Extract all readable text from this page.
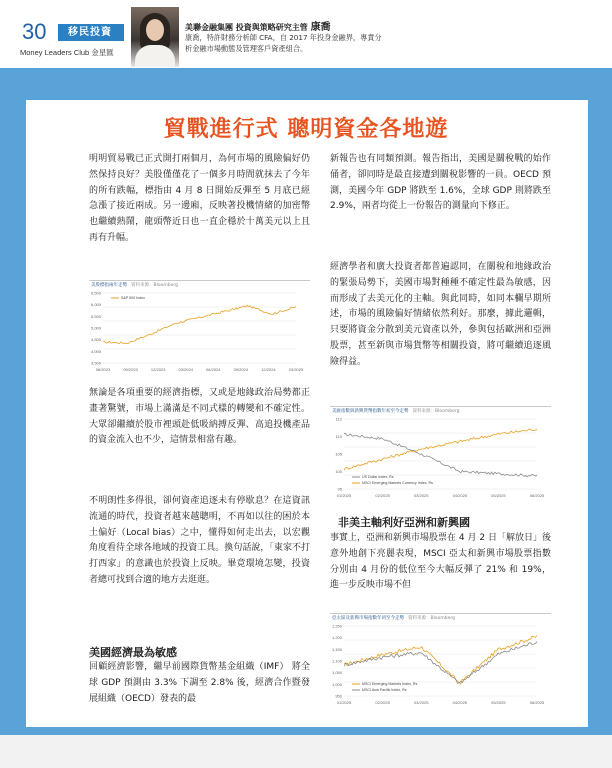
30	移民投資
Money Leaders Club 金星匯
美聯金融集團 投資與策略研究主管 康喬
康喬，特許財務分析師 CFA，自 2017 年投身金融界，專責分析金融市場動態及管理客戶資產組合。
貿戰進行式 聰明資金各地遊
明明貿易戰已正式開打兩個月，為何市場的風險偏好仍然保持良好？美股僅僅花了一個多月時間就抹去了今年的所有跌幅，標指由 4 月 8 日開始反彈至 5 月底已經急漲了接近兩成。另一邊廂，反映著投機情緒的加密幣也繼續熱鬧，龍頭幣近日也一直企穩於十萬美元以上且再有升幅。
美股標指兩年走勢 資料來源：Bloomberg
06/2023	09/2023	12/2023	03/2024	06/2024	09/2024	12/2024	03/2025
S&P 500 Index
6,500
6,000
5,500
5,000
4,500
4,000
3,500
無論是各項重要的經濟指標，又或是地緣政治局勢都正畫著驚號，市場上滿滿是不同式樣的轉變和不確定性。大眾卻繼續於股市裡頭赴低吸納搏反彈、高追投機產品的資金流入也不少，這情景相當有趣。
不明朗性多得很，卻何資產追逐未有停歇息？在這資訊流通的時代，投資者越來越聰明，不再如以往的困於本土偏好（Local bias）之中，懂得如何走出去，以宏觀角度看待全球各地域的投資工具。換句話說，「東家不打打西家」的意識也於投資上反映。畢竟環境怎變，投資者總可找到合適的地方去逛逛。
美國經濟最為敏感
回顧經濟影響，繼早前國際貨幣基金組織（IMF） 將全球 GDP 預測由 3.3% 下調至 2.8% 後，經濟合作暨發展組織（OECD）發表的最
新報告也有同類預測。報告指出，美國是關稅戰的始作俑者，卻同時是最直接遭到關稅影響的一員。OECD 預測，美國今年 GDP 將跌至 1.6%，全球 GDP 則將跌至 2.9%，兩者均從上一份報告的測量向下修正。
經濟學者和廣大投資者都普遍認同，在關稅和地緣政治的緊張局勢下，美國市場對種種不確定性最為敏感，因而形成了去美元化的主軸。與此同時，如同本欄早期所述，市場的風險偏好情緒依然利好。那麼，據此邏輯，只要將資金分散到美元資產以外，參與包括歐洲和亞洲股票，甚至新與市場貨幣等相關投資，將可繼續追逐風險得益。
美匯指數與新興貨幣指數年初至今走勢 資料來源：Bloomberg
01/2025	02/2025	03/2025	04/2025	05/2025	06/2025
US Dollar Index, Rs
MSCI Emerging Markets Currency Index, Rs
112
110
105
100
95
非美主軸利好亞洲和新興國
事實上，亞洲和新興市場股票在 4 月 2 日「解放日」後意外地創下亮麗表現，MSCI 亞太和新興市場股票指數分別由 4 月份的低位至今大幅反彈了 21% 和 19%，進一步反映市場不但
亞太區及新興市場指數年初至今走勢 資料來源：Bloomberg
01/2025	02/2025	03/2025	04/2025	05/2025	06/2025
MSCI Emerging Markets Index, Rs
MSCI Asia Pacific Index, Rs
1,250
1,200
1,150
1,100
1,050
1,000
950
